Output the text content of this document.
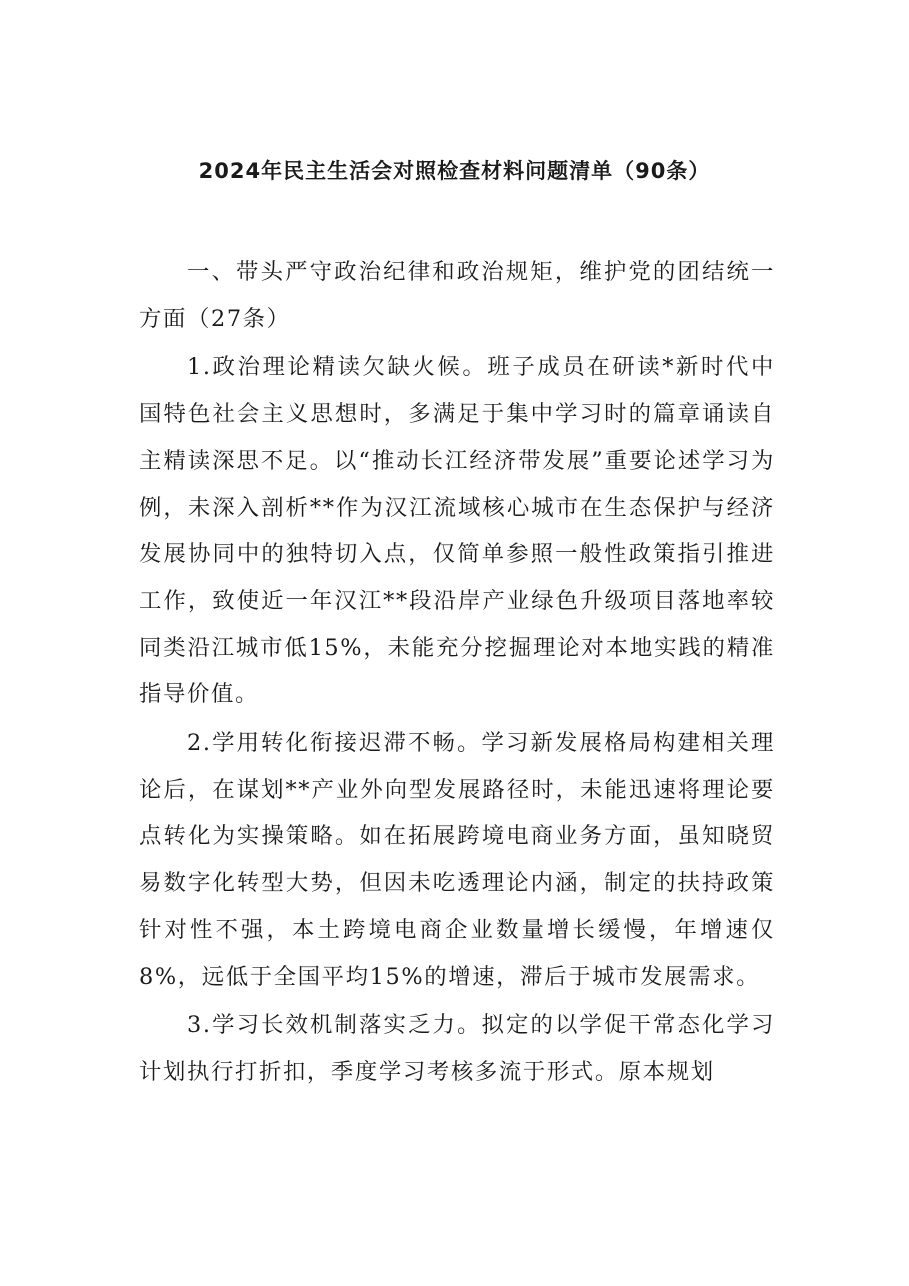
2024年民主生活会对照检查材料问题清单（90条）

一、带头严守政治纪律和政治规矩，维护党的团结统一方面（27条）

1.政治理论精读欠缺火候。班子成员在研读*新时代中国特色社会主义思想时，多满足于集中学习时的篇章诵读自主精读深思不足。以“推动长江经济带发展”重要论述学习为例，未深入剖析**作为汉江流域核心城市在生态保护与经济发展协同中的独特切入点，仅简单参照一般性政策指引推进工作，致使近一年汉江**段沿岸产业绿色升级项目落地率较同类沿江城市低15%，未能充分挖掘理论对本地实践的精准指导价值。

2.学用转化衔接迟滞不畅。学习新发展格局构建相关理论后，在谋划**产业外向型发展路径时，未能迅速将理论要点转化为实操策略。如在拓展跨境电商业务方面，虽知晓贸易数字化转型大势，但因未吃透理论内涵，制定的扶持政策针对性不强，本土跨境电商企业数量增长缓慢，年增速仅8%，远低于全国平均15%的增速，滞后于城市发展需求。

3.学习长效机制落实乏力。拟定的以学促干常态化学习计划执行打折扣，季度学习考核多流于形式。原本规划
